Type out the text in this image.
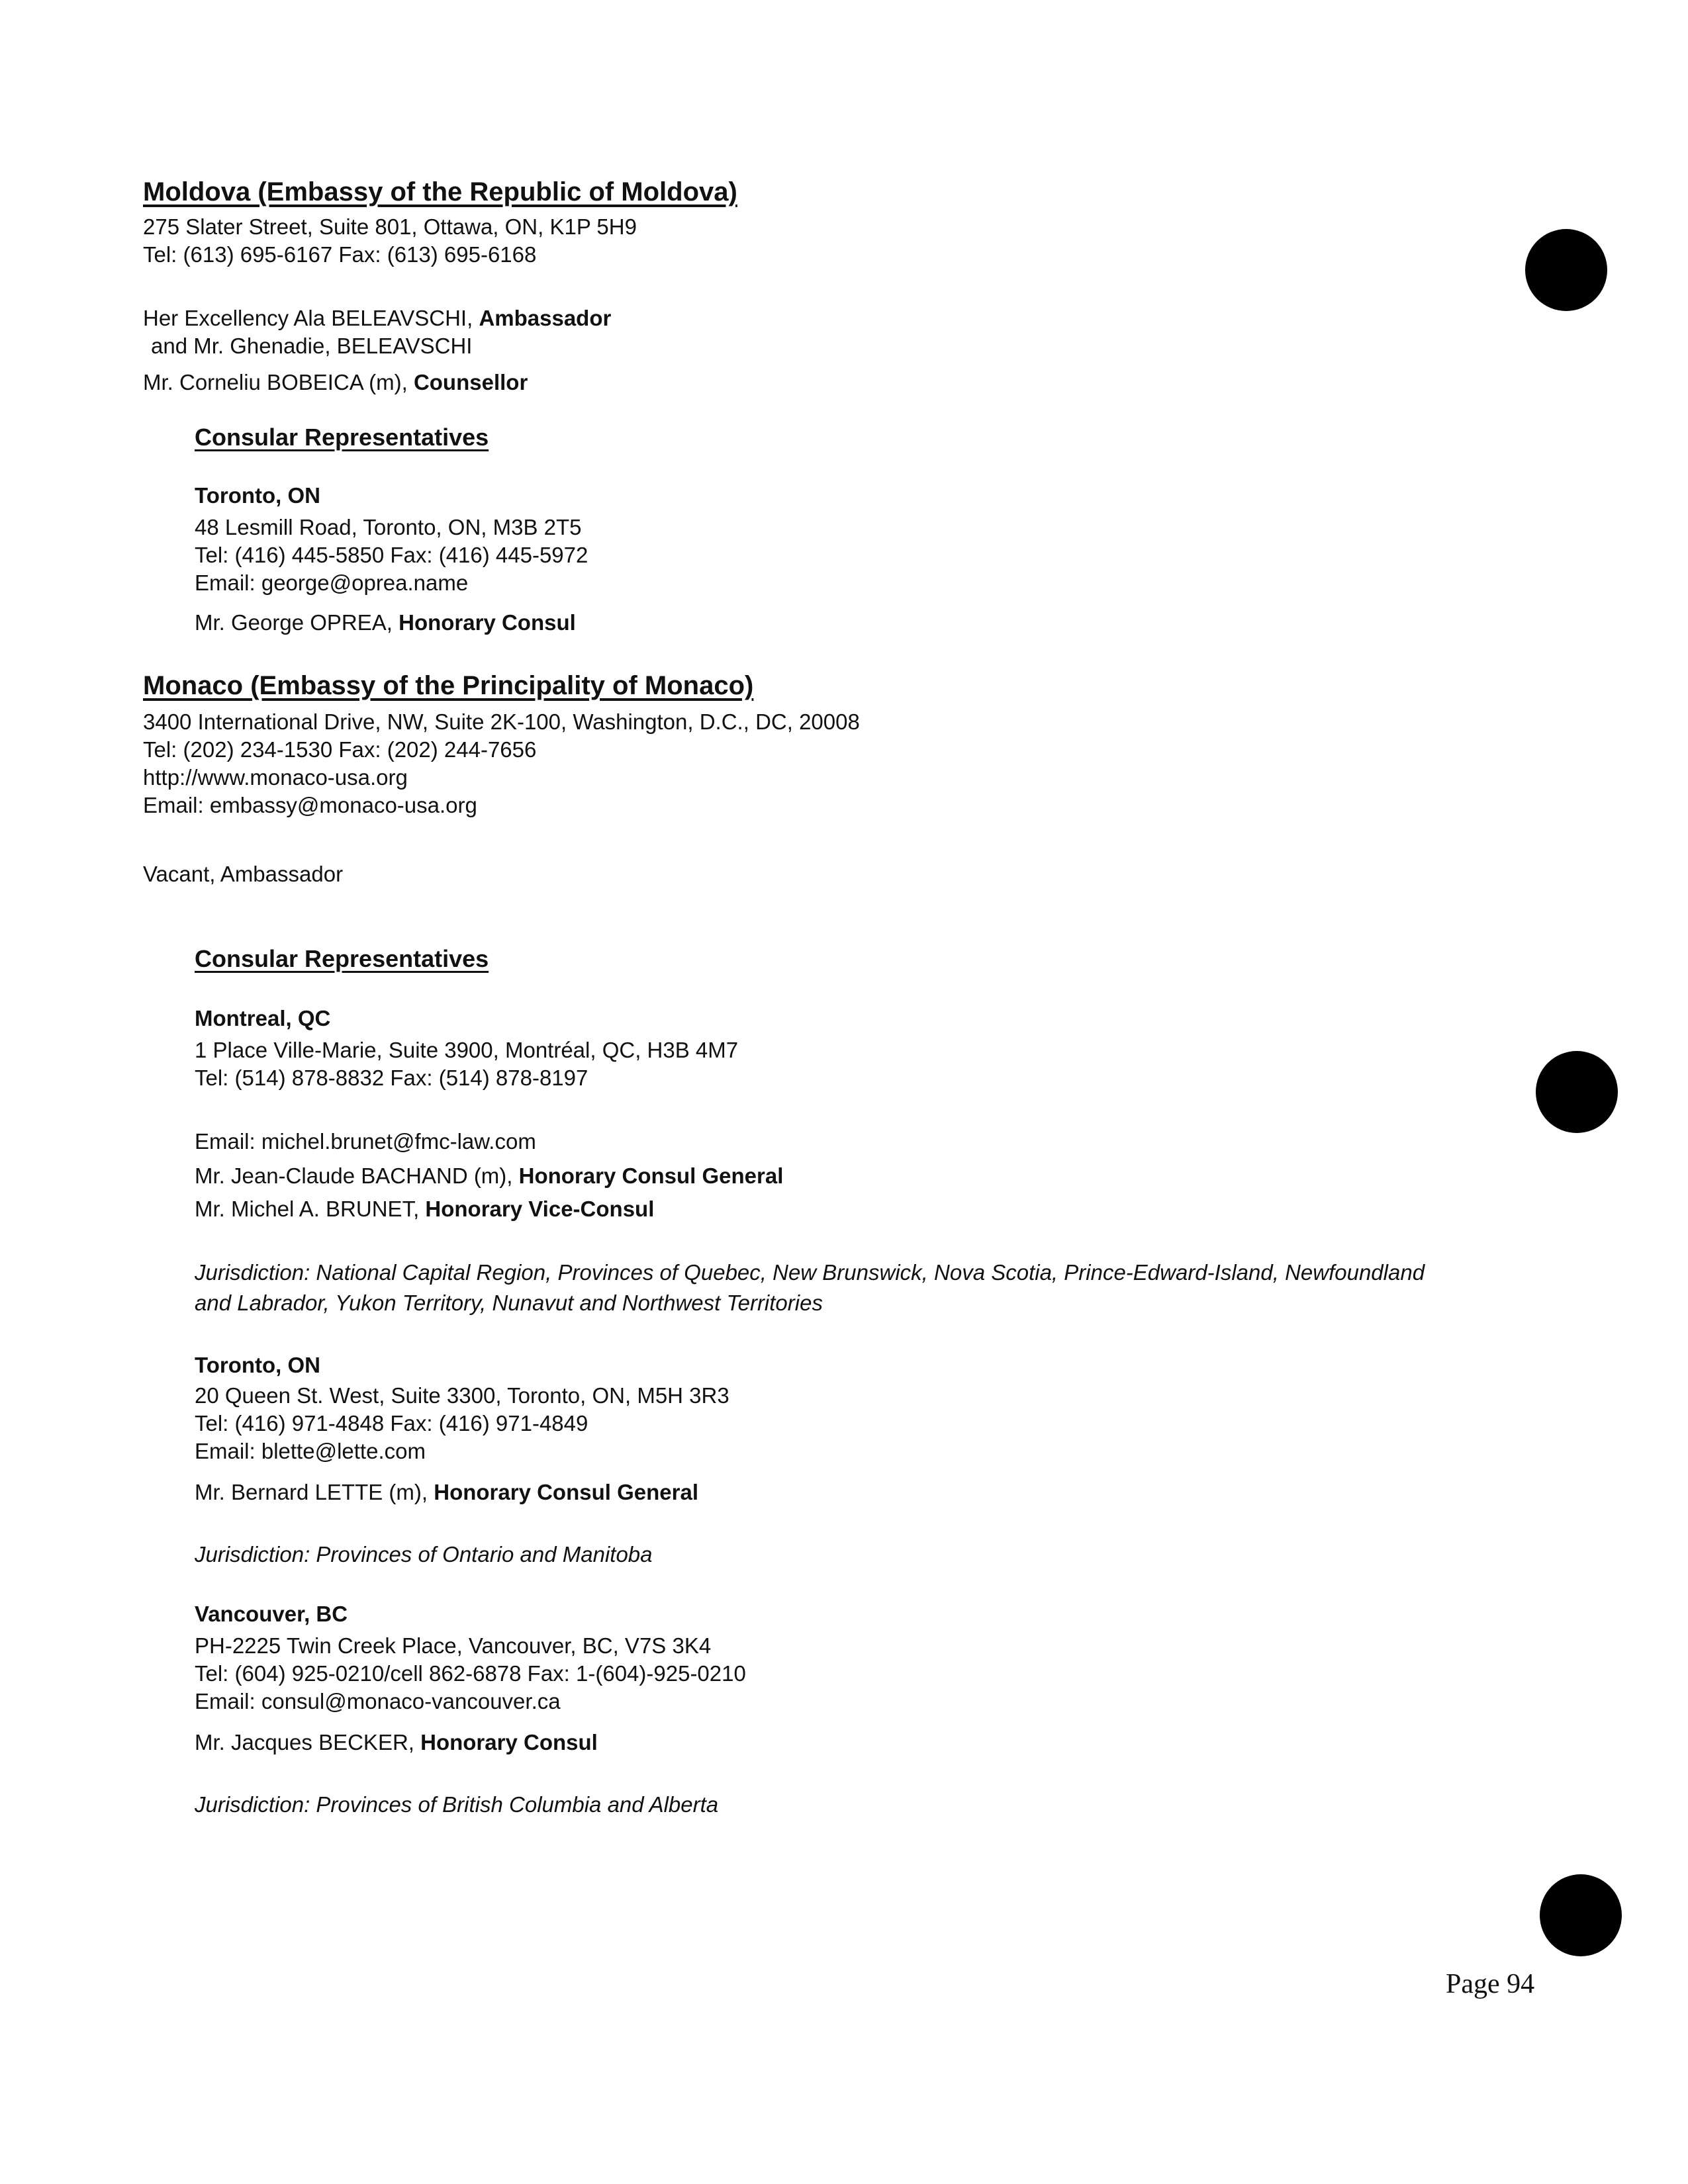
Moldova (Embassy of the Republic of Moldova)
275 Slater Street, Suite 801, Ottawa, ON, K1P 5H9
Tel: (613) 695-6167 Fax: (613) 695-6168
Her Excellency Ala BELEAVSCHI, Ambassador
and Mr. Ghenadie, BELEAVSCHI
Mr. Corneliu BOBEICA (m), Counsellor
Consular Representatives
Toronto, ON
48 Lesmill Road, Toronto, ON, M3B 2T5
Tel: (416) 445-5850 Fax: (416) 445-5972
Email: george@oprea.name
Mr. George OPREA, Honorary Consul
Monaco (Embassy of the Principality of Monaco)
3400 International Drive, NW, Suite 2K-100, Washington, D.C., DC, 20008
Tel: (202) 234-1530 Fax: (202) 244-7656
http://www.monaco-usa.org
Email: embassy@monaco-usa.org
Vacant, Ambassador
Consular Representatives
Montreal, QC
1 Place Ville-Marie, Suite 3900, Montréal, QC, H3B 4M7
Tel: (514) 878-8832 Fax: (514) 878-8197
Email: michel.brunet@fmc-law.com
Mr. Jean-Claude BACHAND (m), Honorary Consul General
Mr. Michel A. BRUNET, Honorary Vice-Consul
Jurisdiction: National Capital Region, Provinces of Quebec, New Brunswick, Nova Scotia, Prince-Edward-Island, Newfoundland and Labrador, Yukon Territory, Nunavut and Northwest Territories
Toronto, ON
20 Queen St. West, Suite 3300, Toronto, ON, M5H 3R3
Tel: (416) 971-4848 Fax: (416) 971-4849
Email: blette@lette.com
Mr. Bernard LETTE (m), Honorary Consul General
Jurisdiction: Provinces of Ontario and Manitoba
Vancouver, BC
PH-2225 Twin Creek Place, Vancouver, BC, V7S 3K4
Tel: (604) 925-0210/cell 862-6878 Fax: 1-(604)-925-0210
Email: consul@monaco-vancouver.ca
Mr. Jacques BECKER, Honorary Consul
Jurisdiction: Provinces of British Columbia and Alberta
Page 94
